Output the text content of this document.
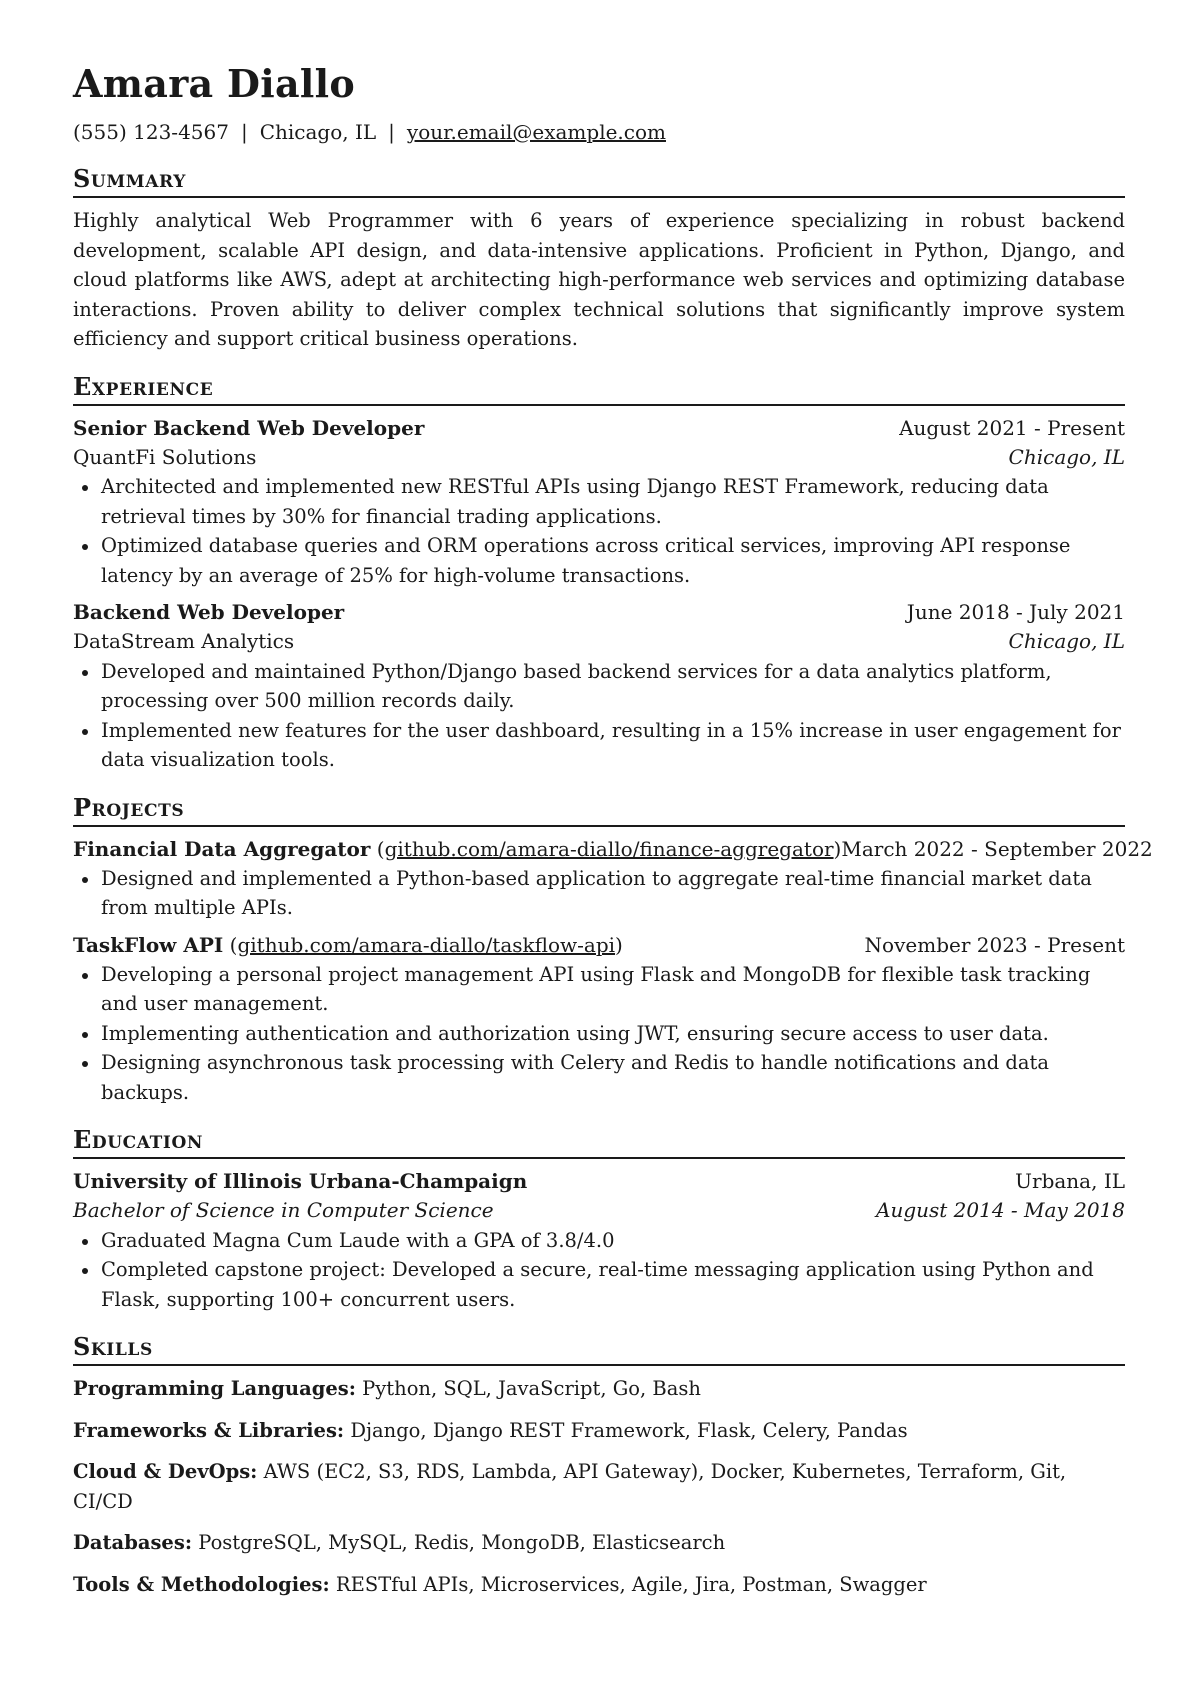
Amara Diallo
(555) 123-4567 | Chicago, IL | your.email@example.com
Summary
Highly analytical Web Programmer with 6 years of experience specializing in robust backend development, scalable API design, and data-intensive applications. Proficient in Python, Django, and cloud platforms like AWS, adept at architecting high-performance web services and optimizing database interactions. Proven ability to deliver complex technical solutions that significantly improve system efficiency and support critical business operations.
Experience
Senior Backend Web Developer	August 2021 - Present
QuantFi Solutions	Chicago, IL
Architected and implemented new RESTful APIs using Django REST Framework, reducing data retrieval times by 30% for financial trading applications.
Optimized database queries and ORM operations across critical services, improving API response latency by an average of 25% for high-volume transactions.
Backend Web Developer	June 2018 - July 2021
DataStream Analytics	Chicago, IL
Developed and maintained Python/Django based backend services for a data analytics platform, processing over 500 million records daily.
Implemented new features for the user dashboard, resulting in a 15% increase in user engagement for data visualization tools.
Projects
Financial Data Aggregator (github.com/amara-diallo/finance-aggregator) March 2022 - September 2022
Designed and implemented a Python-based application to aggregate real-time financial market data from multiple APIs.
TaskFlow API (github.com/amara-diallo/taskflow-api)	November 2023 - Present
Developing a personal project management API using Flask and MongoDB for flexible task tracking and user management.
Implementing authentication and authorization using JWT, ensuring secure access to user data.
Designing asynchronous task processing with Celery and Redis to handle notifications and data backups.
Education
University of Illinois Urbana-Champaign	Urbana, IL
Bachelor of Science in Computer Science	August 2014 - May 2018
Graduated Magna Cum Laude with a GPA of 3.8/4.0
Completed capstone project: Developed a secure, real-time messaging application using Python and Flask, supporting 100+ concurrent users.
Skills
Programming Languages: Python, SQL, JavaScript, Go, Bash
Frameworks & Libraries: Django, Django REST Framework, Flask, Celery, Pandas
Cloud & DevOps: AWS (EC2, S3, RDS, Lambda, API Gateway), Docker, Kubernetes, Terraform, Git, CI/CD
Databases: PostgreSQL, MySQL, Redis, MongoDB, Elasticsearch
Tools & Methodologies: RESTful APIs, Microservices, Agile, Jira, Postman, Swagger
